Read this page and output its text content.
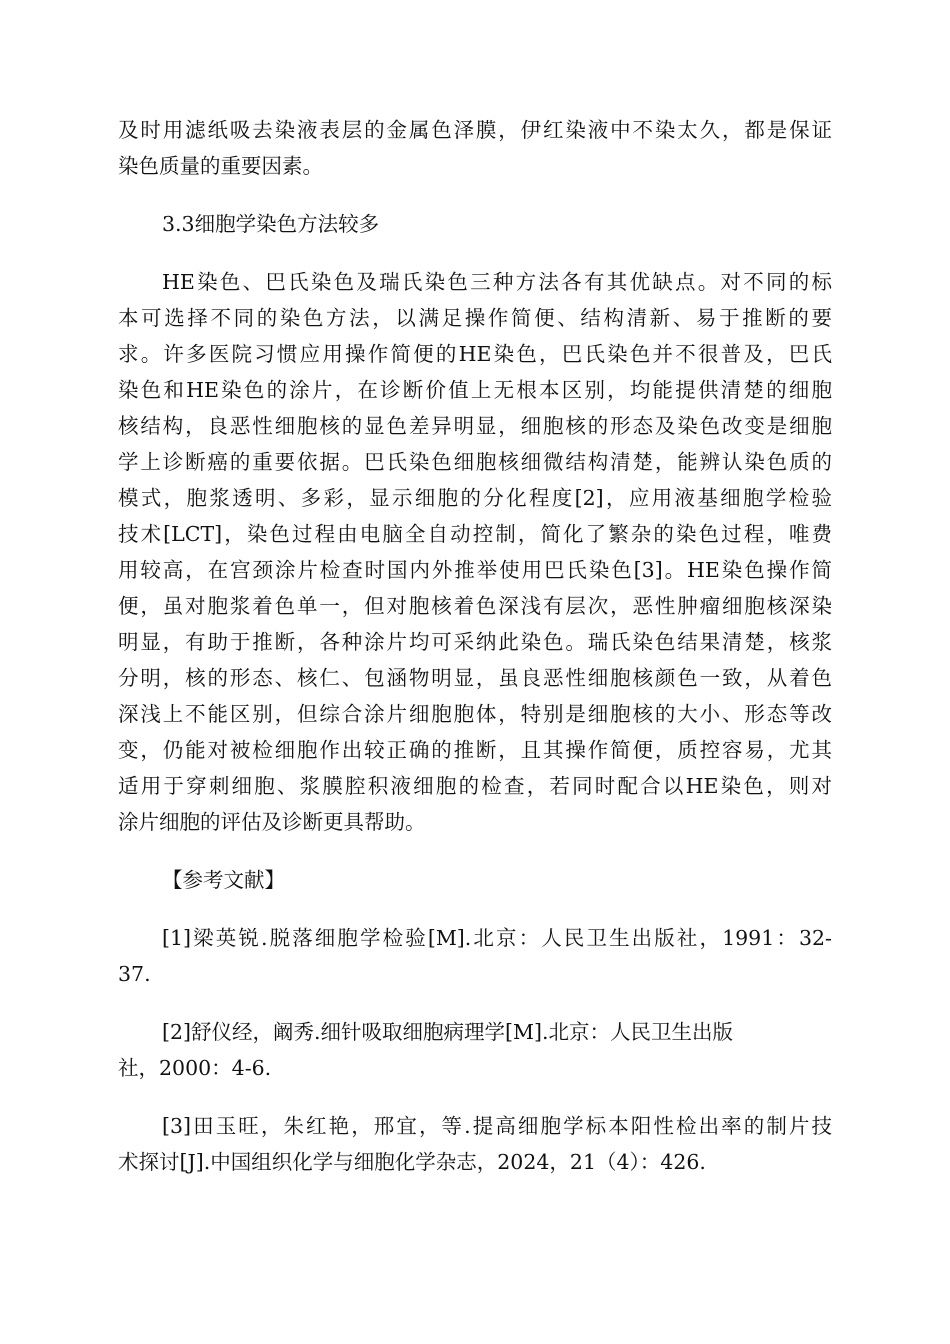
及时用滤纸吸去染液表层的金属色泽膜，伊红染液中不染太久，都是保证
染色质量的重要因素。
3.3细胞学染色方法较多
HE染色、巴氏染色及瑞氏染色三种方法各有其优缺点。对不同的标
本可选择不同的染色方法，以满足操作简便、结构清新、易于推断的要
求。许多医院习惯应用操作简便的HE染色，巴氏染色并不很普及，巴氏
染色和HE染色的涂片，在诊断价值上无根本区别，均能提供清楚的细胞
核结构，良恶性细胞核的显色差异明显，细胞核的形态及染色改变是细胞
学上诊断癌的重要依据。巴氏染色细胞核细微结构清楚，能辨认染色质的
模式，胞浆透明、多彩，显示细胞的分化程度[2]，应用液基细胞学检验
技术[LCT]，染色过程由电脑全自动控制，简化了繁杂的染色过程，唯费
用较高，在宫颈涂片检查时国内外推举使用巴氏染色[3]。HE染色操作简
便，虽对胞浆着色单一，但对胞核着色深浅有层次，恶性肿瘤细胞核深染
明显，有助于推断，各种涂片均可采纳此染色。瑞氏染色结果清楚，核浆
分明，核的形态、核仁、包涵物明显，虽良恶性细胞核颜色一致，从着色
深浅上不能区别，但综合涂片细胞胞体，特别是细胞核的大小、形态等改
变，仍能对被检细胞作出较正确的推断，且其操作简便，质控容易，尤其
适用于穿刺细胞、浆膜腔积液细胞的检查，若同时配合以HE染色，则对
涂片细胞的评估及诊断更具帮助。
【参考文献】
[1]梁英锐.脱落细胞学检验[M].北京：人民卫生出版社，1991：32-
37.
[2]舒仪经，阚秀.细针吸取细胞病理学[M].北京：人民卫生出版
社，2000：4-6.
[3]田玉旺，朱红艳，邢宜，等.提高细胞学标本阳性检出率的制片技
术探讨[J].中国组织化学与细胞化学杂志，2024，21（4）：426.
